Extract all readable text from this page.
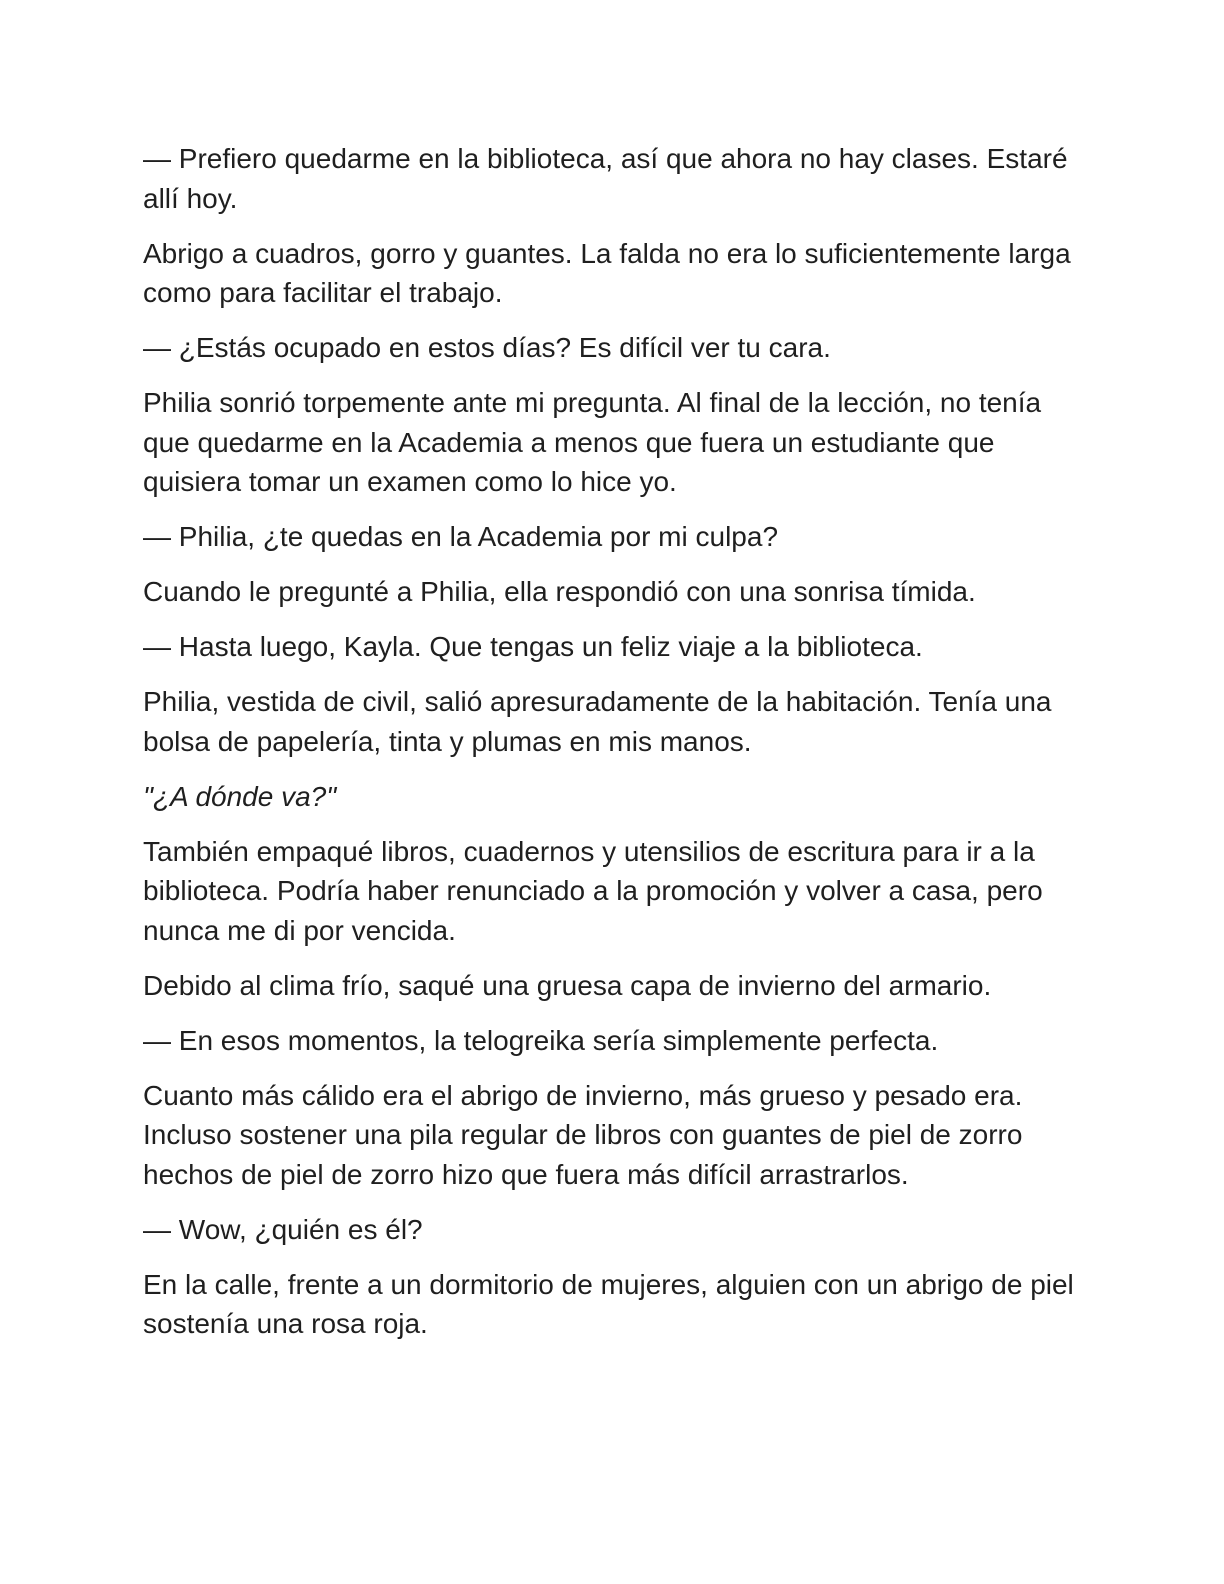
— Prefiero quedarme en la biblioteca, así que ahora no hay clases. Estaré allí hoy.

Abrigo a cuadros, gorro y guantes. La falda no era lo suficientemente larga como para facilitar el trabajo.

— ¿Estás ocupado en estos días? Es difícil ver tu cara.

Philia sonrió torpemente ante mi pregunta. Al final de la lección, no tenía que quedarme en la Academia a menos que fuera un estudiante que quisiera tomar un examen como lo hice yo.

— Philia, ¿te quedas en la Academia por mi culpa?

Cuando le pregunté a Philia, ella respondió con una sonrisa tímida.

— Hasta luego, Kayla. Que tengas un feliz viaje a la biblioteca.

Philia, vestida de civil, salió apresuradamente de la habitación. Tenía una bolsa de papelería, tinta y plumas en mis manos.

"¿A dónde va?"

También empaqué libros, cuadernos y utensilios de escritura para ir a la biblioteca. Podría haber renunciado a la promoción y volver a casa, pero nunca me di por vencida.

Debido al clima frío, saqué una gruesa capa de invierno del armario.

— En esos momentos, la telogreika sería simplemente perfecta.

Cuanto más cálido era el abrigo de invierno, más grueso y pesado era. Incluso sostener una pila regular de libros con guantes de piel de zorro hechos de piel de zorro hizo que fuera más difícil arrastrarlos.

— Wow, ¿quién es él?

En la calle, frente a un dormitorio de mujeres, alguien con un abrigo de piel sostenía una rosa roja.
